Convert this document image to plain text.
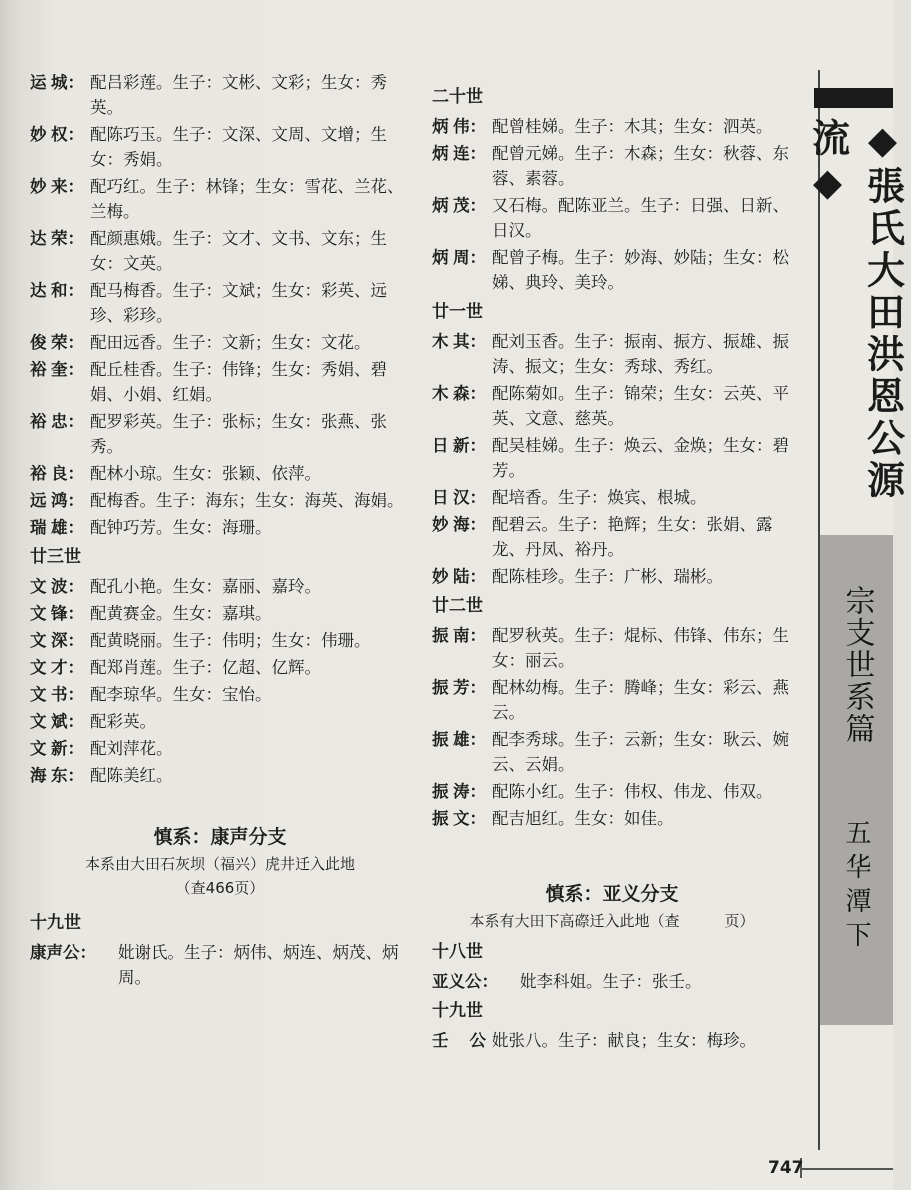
运 城： 配吕彩莲。生子：文彬、文彩；生女：秀英。
妙 权： 配陈巧玉。生子：文深、文周、文增；生女：秀娟。
妙 来： 配巧红。生子：林锋；生女：雪花、兰花、兰梅。
达 荣： 配颜惠娥。生子：文才、文书、文东；生女：文英。
达 和： 配马梅香。生子：文斌；生女：彩英、远珍、彩珍。
俊 荣： 配田远香。生子：文新；生女：文花。
裕 奎： 配丘桂香。生子：伟锋；生女：秀娟、碧娟、小娟、红娟。
裕 忠： 配罗彩英。生子：张标；生女：张燕、张秀。
裕 良： 配林小琼。生女：张颖、依萍。
远 鸿： 配梅香。生子：海东；生女：海英、海娟。
瑞 雄： 配钟巧芳。生女：海珊。
廿三世
文 波： 配孔小艳。生女：嘉丽、嘉玲。
文 锋： 配黄赛金。生女：嘉琪。
文 深： 配黄晓丽。生子：伟明；生女：伟珊。
文 才： 配郑肖莲。生子：亿超、亿辉。
文 书： 配李琼华。生女：宝怡。
文 斌： 配彩英。
文 新： 配刘萍花。
海 东： 配陈美红。
慎系：康声分支
本系由大田石灰坝（福兴）虎井迁入此地
（查466页）
十九世
康声公：	妣谢氏。生子：炳伟、炳连、炳茂、炳周。
二十世
炳 伟： 配曾桂娣。生子：木其；生女：泗英。
炳 连： 配曾元娣。生子：木森；生女：秋蓉、东蓉、素蓉。
炳 茂： 又石梅。配陈亚兰。生子：日强、日新、日汉。
炳 周： 配曾子梅。生子：妙海、妙陆；生女：松娣、典玲、美玲。
廿一世
木 其： 配刘玉香。生子：振南、振方、振雄、振涛、振文；生女：秀球、秀红。
木 森： 配陈菊如。生子：锦荣；生女：云英、平英、文意、慈英。
日 新： 配吴桂娣。生子：焕云、金焕；生女：碧芳。
日 汉： 配培香。生子：焕宾、根城。
妙 海： 配碧云。生子：艳辉；生女：张娟、露龙、丹凤、裕丹。
妙 陆： 配陈桂珍。生子：广彬、瑞彬。
廿二世
振 南： 配罗秋英。生子：焜标、伟锋、伟东；生女：丽云。
振 芳： 配林幼梅。生子：腾峰；生女：彩云、燕云。
振 雄： 配李秀球。生子：云新；生女：耿云、婉云、云娟。
振 涛： 配陈小红。生子：伟权、伟龙、伟双。
振 文： 配吉旭红。生女：如佳。
慎系：亚义分支
本系有大田下高磜迁入此地（查　　　页）
十八世
亚义公：	妣李科姐。生子：张壬。
十九世
壬 公 妣张八。生子：献良；生女：梅珍。
◆張氏大田洪恩公源流◆
宗支世系篇
五华潭下
747
